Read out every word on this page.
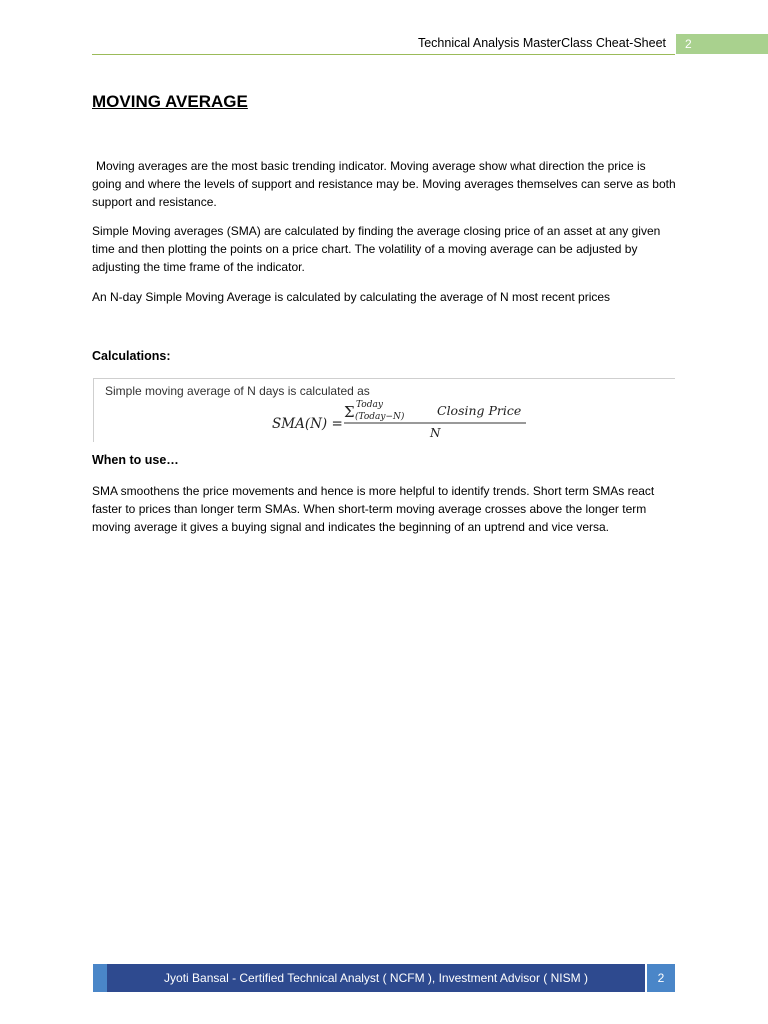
Technical Analysis MasterClass Cheat-Sheet	2
MOVING AVERAGE

Moving averages are the most basic trending indicator. Moving average show what direction the price is going and where the levels of support and resistance may be. Moving averages themselves can serve as both support and resistance.

Simple Moving averages (SMA) are calculated by finding the average closing price of an asset at any given time and then plotting the points on a price chart. The volatility of a moving average can be adjusted by adjusting the time frame of the indicator.

An N-day Simple Moving Average is calculated by calculating the average of N most recent prices

Calculations:
Simple moving average of N days is calculated as
SMA(N) =
Σ Today
(Today−N)	Closing Price
N
When to use…

SMA smoothens the price movements and hence is more helpful to identify trends. Short term SMAs react faster to prices than longer term SMAs. When short-term moving average crosses above the longer term moving average it gives a buying signal and indicates the beginning of an uptrend and vice versa.

Jyoti Bansal - Certified Technical Analyst ( NCFM ), Investment Advisor ( NISM )	2
